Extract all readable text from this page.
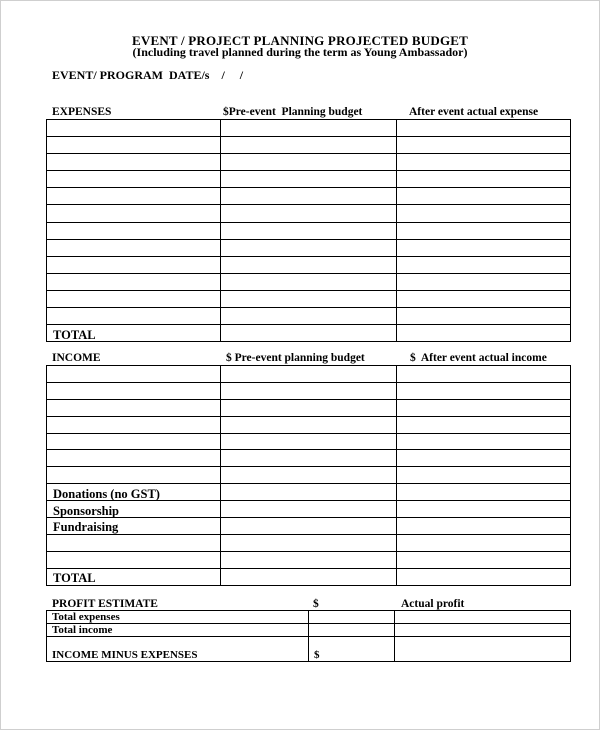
EVENT / PROJECT PLANNING PROJECTED BUDGET
(Including travel planned during the term as Young Ambassador)
EVENT/ PROGRAM  DATE/s    /     /
EXPENSES	$Pre-event  Planning budget	After event actual expense

TOTAL		

INCOME	$ Pre-event planning budget	$  After event actual income

Donations (no GST)		

Sponsorship		

Fundraising		

TOTAL		

PROFIT ESTIMATE	$	Actual profit
Total expenses		
Total income		
INCOME MINUS EXPENSES	$	
